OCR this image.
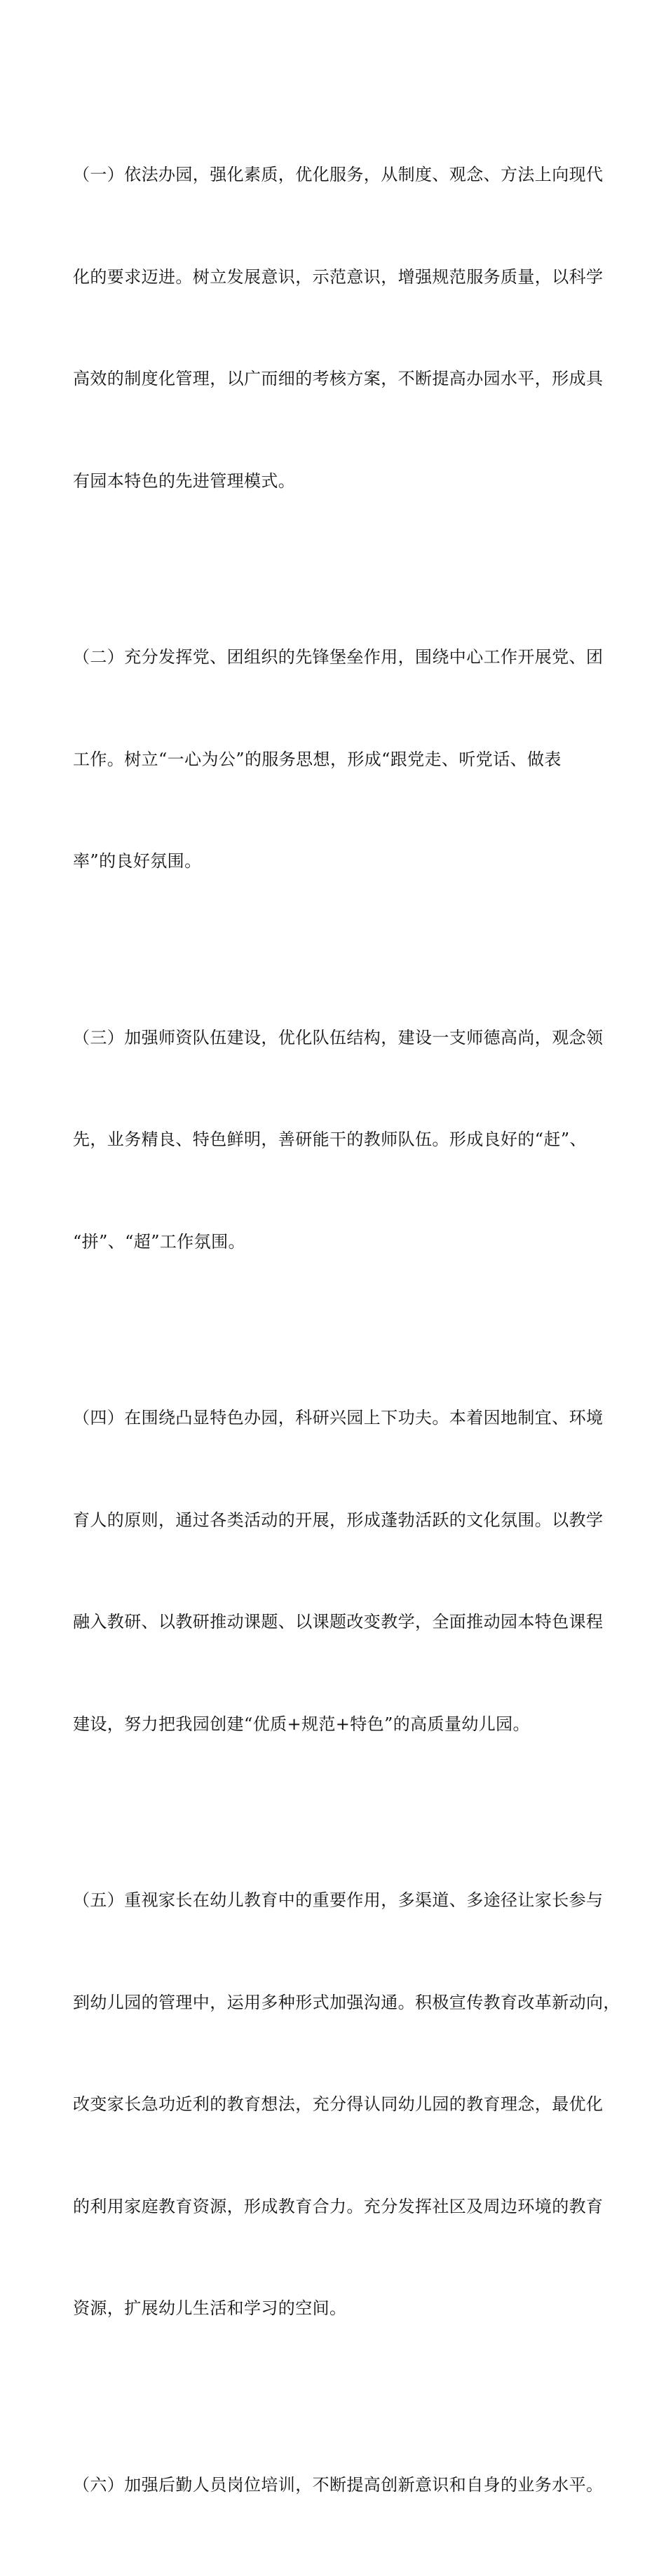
（一）依法办园，强化素质，优化服务，从制度、观念、方法上向现代

化的要求迈进。树立发展意识，示范意识，增强规范服务质量，以科学

高效的制度化管理，以广而细的考核方案，不断提高办园水平，形成具

有园本特色的先进管理模式。

（二）充分发挥党、团组织的先锋堡垒作用，围绕中心工作开展党、团

工作。树立“一心为公”的服务思想，形成“跟党走、听党话、做表

率”的良好氛围。

（三）加强师资队伍建设，优化队伍结构，建设一支师德高尚，观念领

先，业务精良、特色鲜明，善研能干的教师队伍。形成良好的“赶”、

“拼”、“超”工作氛围。

（四）在围绕凸显特色办园，科研兴园上下功夫。本着因地制宜、环境

育人的原则，通过各类活动的开展，形成蓬勃活跃的文化氛围。以教学

融入教研、以教研推动课题、以课题改变教学，全面推动园本特色课程

建设，努力把我园创建“优质+规范+特色”的高质量幼儿园。

（五）重视家长在幼儿教育中的重要作用，多渠道、多途径让家长参与

到幼儿园的管理中，运用多种形式加强沟通。积极宣传教育改革新动向，

改变家长急功近利的教育想法，充分得认同幼儿园的教育理念，最优化

的利用家庭教育资源，形成教育合力。充分发挥社区及周边环境的教育

资源，扩展幼儿生活和学习的空间。

（六）加强后勤人员岗位培训，不断提高创新意识和自身的业务水平。
